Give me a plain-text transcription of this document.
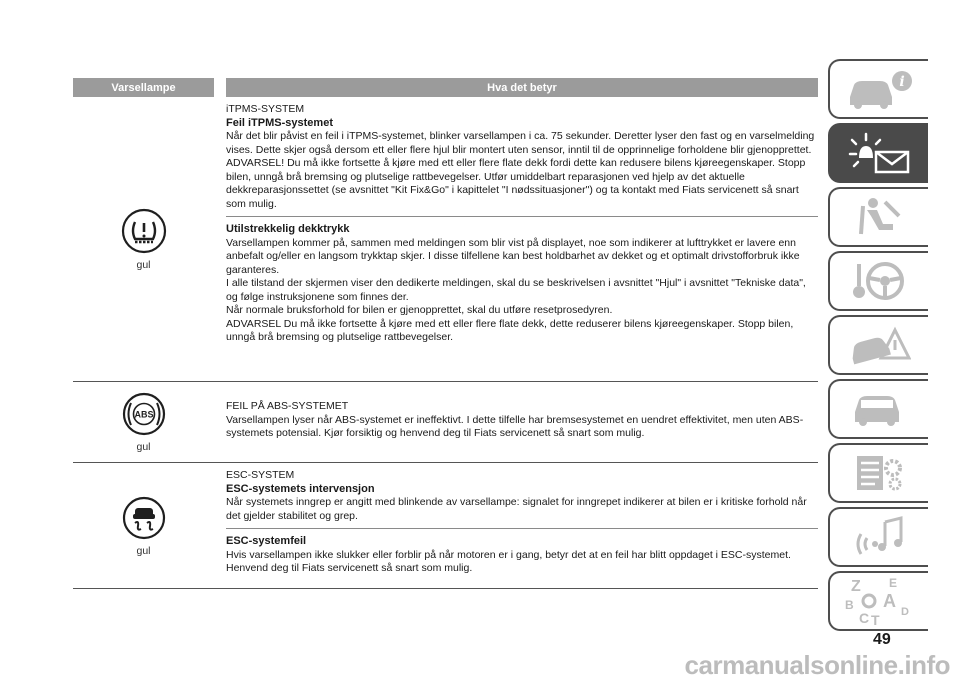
Varsellampe	Hva det betyr
gul

iTPMS-SYSTEM

Feil iTPMS-systemet

Når det blir påvist en feil i iTPMS-systemet, blinker varsellampen i ca. 75 sekunder. Deretter lyser den fast og en varselmelding vises. Dette skjer også dersom ett eller flere hjul blir montert uten sensor, inntil til de opprinnelige forholdene blir gjenopprettet.

ADVARSEL! Du må ikke fortsette å kjøre med ett eller flere flate dekk fordi dette kan redusere bilens kjøreegenskaper. Stopp bilen, unngå brå bremsing og plutselige rattbevegelser. Utfør umiddelbart reparasjonen ved hjelp av det aktuelle dekkreparasjonssettet (se avsnittet "Kit Fix&Go" i kapittelet "I nødssituasjoner") og ta kontakt med Fiats servicenett så snart som mulig.

Utilstrekkelig dekktrykk

Varsellampen kommer på, sammen med meldingen som blir vist på displayet, noe som indikerer at lufttrykket er lavere enn anbefalt og/eller en langsom trykktap skjer. I disse tilfellene kan best holdbarhet av dekket og et optimalt drivstofforbruk ikke garanteres.

I alle tilstand der skjermen viser den dedikerte meldingen, skal du se beskrivelsen i avsnittet "Hjul" i avsnittet "Tekniske data", og følge instruksjonene som finnes der.

Når normale bruksforhold for bilen er gjenopprettet, skal du utføre resetprosedyren.

ADVARSEL Du må ikke fortsette å kjøre med ett eller flere flate dekk, dette reduserer bilens kjøreegenskaper. Stopp bilen, unngå brå bremsing og plutselige rattbevegelser.

ABS
gul

FEIL PÅ ABS-SYSTEMET

Varsellampen lyser når ABS-systemet er ineffektivt. I dette tilfelle har bremsesystemet en uendret effektivitet, men uten ABS-systemets potensial. Kjør forsiktig og henvend deg til Fiats servicenett så snart som mulig.

gul

ESC-SYSTEM

ESC-systemets intervensjon

Når systemets inngrep er angitt med blinkende av varsellampe: signalet for inngrepet indikerer at bilen er i kritiske forhold når det gjelder stabilitet og grep.

ESC-systemfeil

Hvis varsellampen ikke slukker eller forblir på når motoren er i gang, betyr det at en feil har blitt oppdaget i ESC-systemet. Henvend deg til Fiats servicenett så snart som mulig.

i
Z E
B A
C T D
49
carmanualsonline.info
